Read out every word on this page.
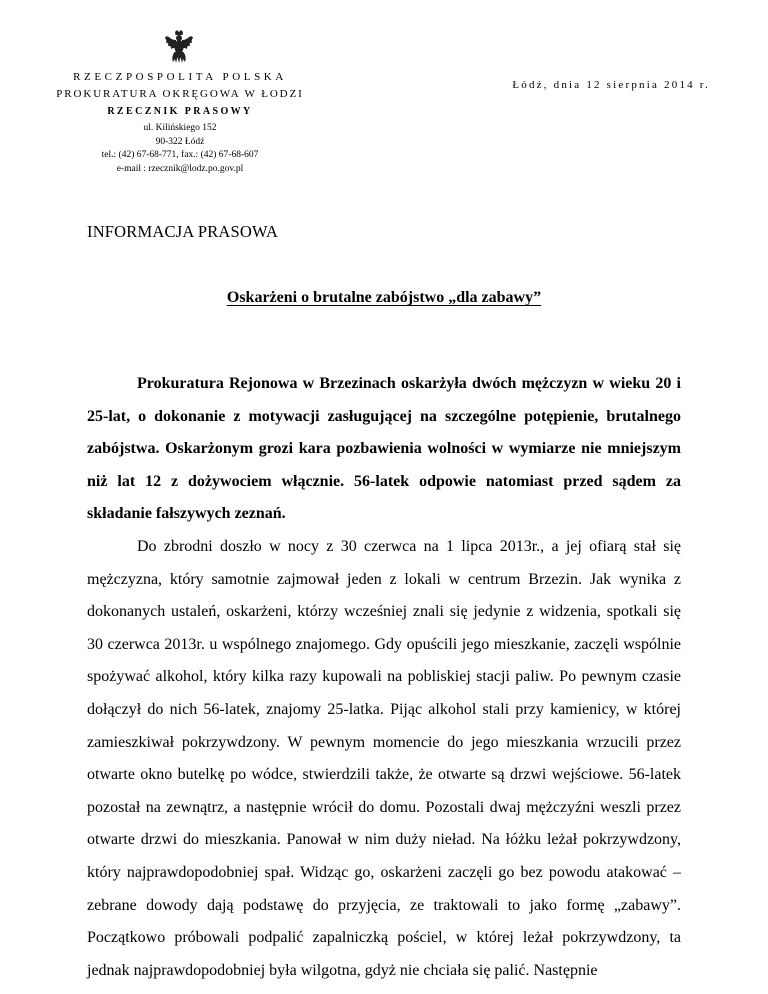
RZECZPOSPOLITA POLSKA
PROKURATURA OKRĘGOWA W ŁODZI
RZECZNIK PRASOWY
ul. Kilińskiego 152
90-322 Łódź
tel.: (42) 67-68-771, fax.: (42) 67-68-607
e-mail : rzecznik@lodz.po.gov.pl
Łódź, dnia 12 sierpnia 2014 r.
INFORMACJA PRASOWA
Oskarżeni o brutalne zabójstwo „dla zabawy”

Prokuratura Rejonowa w Brzezinach oskarżyła dwóch mężczyzn w wieku 20 i 25-lat, o dokonanie z motywacji zasługującej na szczególne potępienie, brutalnego zabójstwa. Oskarżonym grozi kara pozbawienia wolności w wymiarze nie mniejszym niż lat 12 z dożywociem włącznie. 56-latek odpowie natomiast przed sądem za składanie fałszywych zeznań.

Do zbrodni doszło w nocy z 30 czerwca na 1 lipca 2013r., a jej ofiarą stał się mężczyzna, który samotnie zajmował jeden z lokali w centrum Brzezin. Jak wynika z dokonanych ustaleń, oskarżeni, którzy wcześniej znali się jedynie z widzenia, spotkali się 30 czerwca 2013r. u wspólnego znajomego. Gdy opuścili jego mieszkanie, zaczęli wspólnie spożywać alkohol, który kilka razy kupowali na pobliskiej stacji paliw. Po pewnym czasie dołączył do nich 56-latek, znajomy 25-latka. Pijąc alkohol stali przy kamienicy, w której zamieszkiwał pokrzywdzony. W pewnym momencie do jego mieszkania wrzucili przez otwarte okno butelkę po wódce, stwierdzili także, że otwarte są drzwi wejściowe. 56-latek pozostał na zewnątrz, a następnie wrócił do domu. Pozostali dwaj mężczyźni weszli przez otwarte drzwi do mieszkania. Panował w nim duży nieład. Na łóżku leżał pokrzywdzony, który najprawdopodobniej spał. Widząc go, oskarżeni zaczęli go bez powodu atakować – zebrane dowody dają podstawę do przyjęcia, ze traktowali to jako formę „zabawy”. Początkowo próbowali podpalić zapalniczką pościel, w której leżał pokrzywdzony, ta jednak najprawdopodobniej była wilgotna, gdyż nie chciała się palić. Następnie
